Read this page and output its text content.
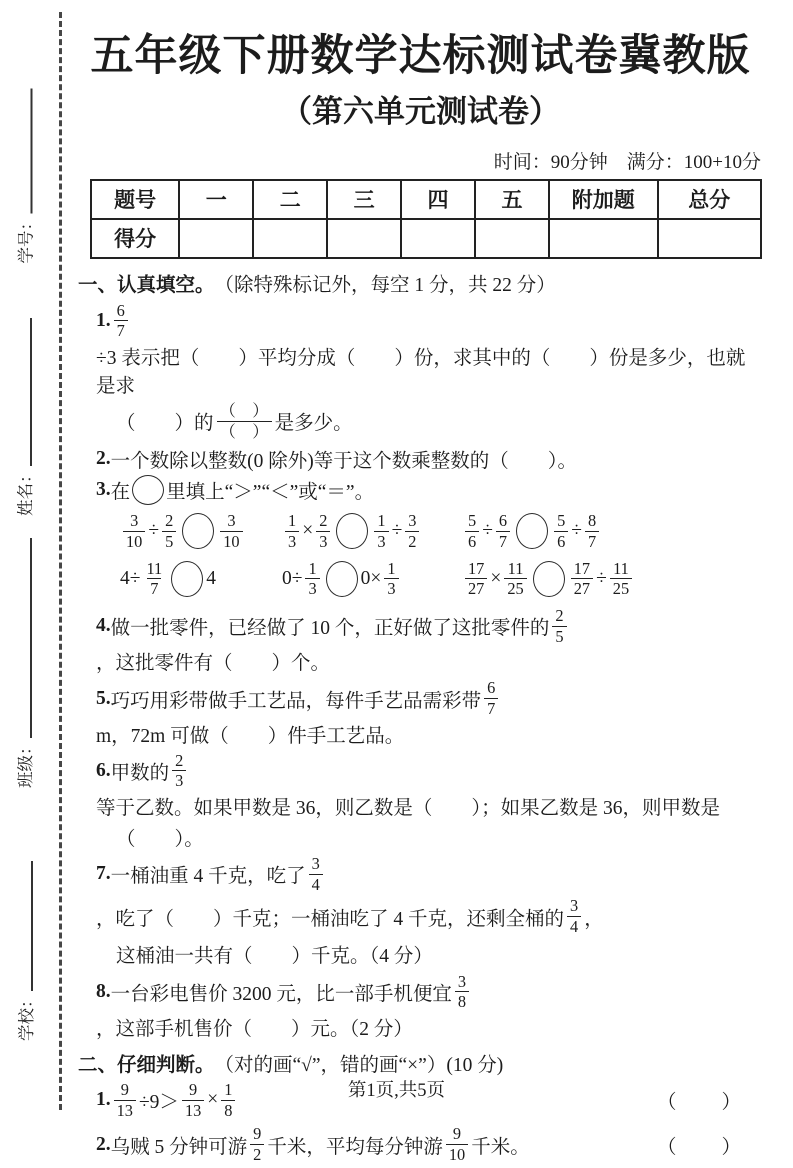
学号：
姓名：
班级：
学校：
五年级下册数学达标测试卷冀教版
（第六单元测试卷）
时间：90分钟　满分：100+10分
题号	一	二	三	四	五	附加题	总分
得分							
一、认真填空。 （除特殊标记外，每空 1 分，共 22 分）
1. $\frac{6}{7}$
÷3 表示把（　　）平均分成（　　）份，求其中的（　　）份是多少，也就是求
（　　）的 $\frac{( )}{( )}$ 是多少。
2. 一个数除以整数(0 除外)等于这个数乘整数的（　　）。
3. 在 里填上“＞”“＜”或“＝”。
$\frac{3}{10} \div \frac{2}{5}$	$\frac{3}{10}$	$\frac{1}{3} \times \frac{2}{3}$	$\frac{1}{3} \div \frac{3}{2}$	$\frac{5}{6} \div \frac{6}{7}$	$\frac{5}{6} \div \frac{8}{7}$
$4\div \frac{11}{7} 4$	$0\div \frac{1}{3} 0\times \frac{1}{3}$	$\frac{17}{27} \times \frac{11}{25}$	$\frac{17}{27} \div \frac{11}{25}$
4. 做一批零件，已经做了 10 个，正好做了这批零件的 $\frac{2}{5}$
，这批零件有（　　）个。
5. 巧巧用彩带做手工艺品，每件手艺品需彩带 $\frac{6}{7}$
m，72m 可做（　　）件手工艺品。
6. 甲数的 $\frac{2}{3}$
等于乙数。如果甲数是 36，则乙数是（　　）；如果乙数是 36，则甲数是
（　　）。
7. 一桶油重 4 千克，吃了 $\frac{3}{4}$
，吃了（　　）千克；一桶油吃了 4 千克，还剩全桶的 $\frac{3}{4}$ ，
这桶油一共有（　　）千克。（4 分）
8. 一台彩电售价 3200 元，比一部手机便宜 $\frac{3}{8}$
，这部手机售价（　　）元。（2 分）
二、仔细判断。 （对的画“√”，错的画“×”）(10 分)
1. $\frac{9}{13} \div 9> \frac{9}{13} \times \frac{1}{8}$	（　　）
2. 乌贼 5 分钟可游 $\frac{9}{2}$ 千米，平均每分钟游 $\frac{9}{10}$ 千米。	（　　）
第1页,共5页
